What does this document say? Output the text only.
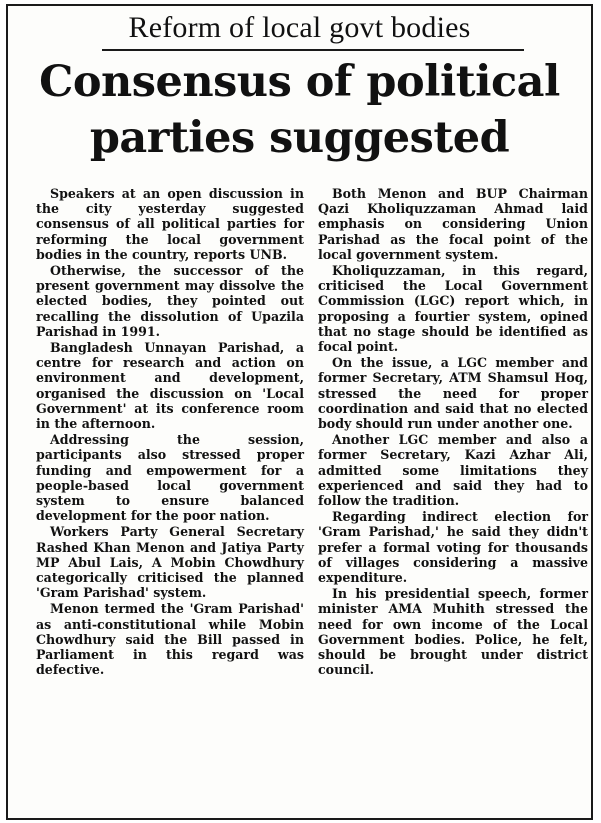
Reform of local govt bodies
Consensus of political
parties suggested

Speakers at an open discussion in the city yesterday suggested consensus of all political parties for reforming the local government bodies in the country, reports UNB.

Otherwise, the successor of the present government may dissolve the elected bodies, they pointed out recalling the dissolution of Upazila Parishad in 1991.

Bangladesh Unnayan Parishad, a centre for research and action on environment and development, organised the discussion on 'Local Government' at its conference room in the afternoon.

Addressing the session, participants also stressed proper funding and empowerment for a people-based local government system to ensure balanced development for the poor nation.

Workers Party General Secretary Rashed Khan Menon and Jatiya Party MP Abul Lais, A Mobin Chowdhury categorically criticised the planned 'Gram Parishad' system.

Menon termed the 'Gram Parishad' as anti-constitutional while Mobin Chowdhury said the Bill passed in Parliament in this regard was defective.

Both Menon and BUP Chairman Qazi Kholiquzzaman Ahmad laid emphasis on considering Union Parishad as the focal point of the local government system.

Kholiquzzaman, in this regard, criticised the Local Government Commission (LGC) report which, in proposing a fourtier system, opined that no stage should be identified as focal point.

On the issue, a LGC member and former Secretary, ATM Shamsul Hoq, stressed the need for proper coordination and said that no elected body should run under another one.

Another LGC member and also a former Secretary, Kazi Azhar Ali, admitted some limitations they experienced and said they had to follow the tradition.

Regarding indirect election for 'Gram Parishad,' he said they didn't prefer a formal voting for thousands of villages considering a massive expenditure.

In his presidential speech, former minister AMA Muhith stressed the need for own income of the Local Government bodies. Police, he felt, should be brought under district council.
